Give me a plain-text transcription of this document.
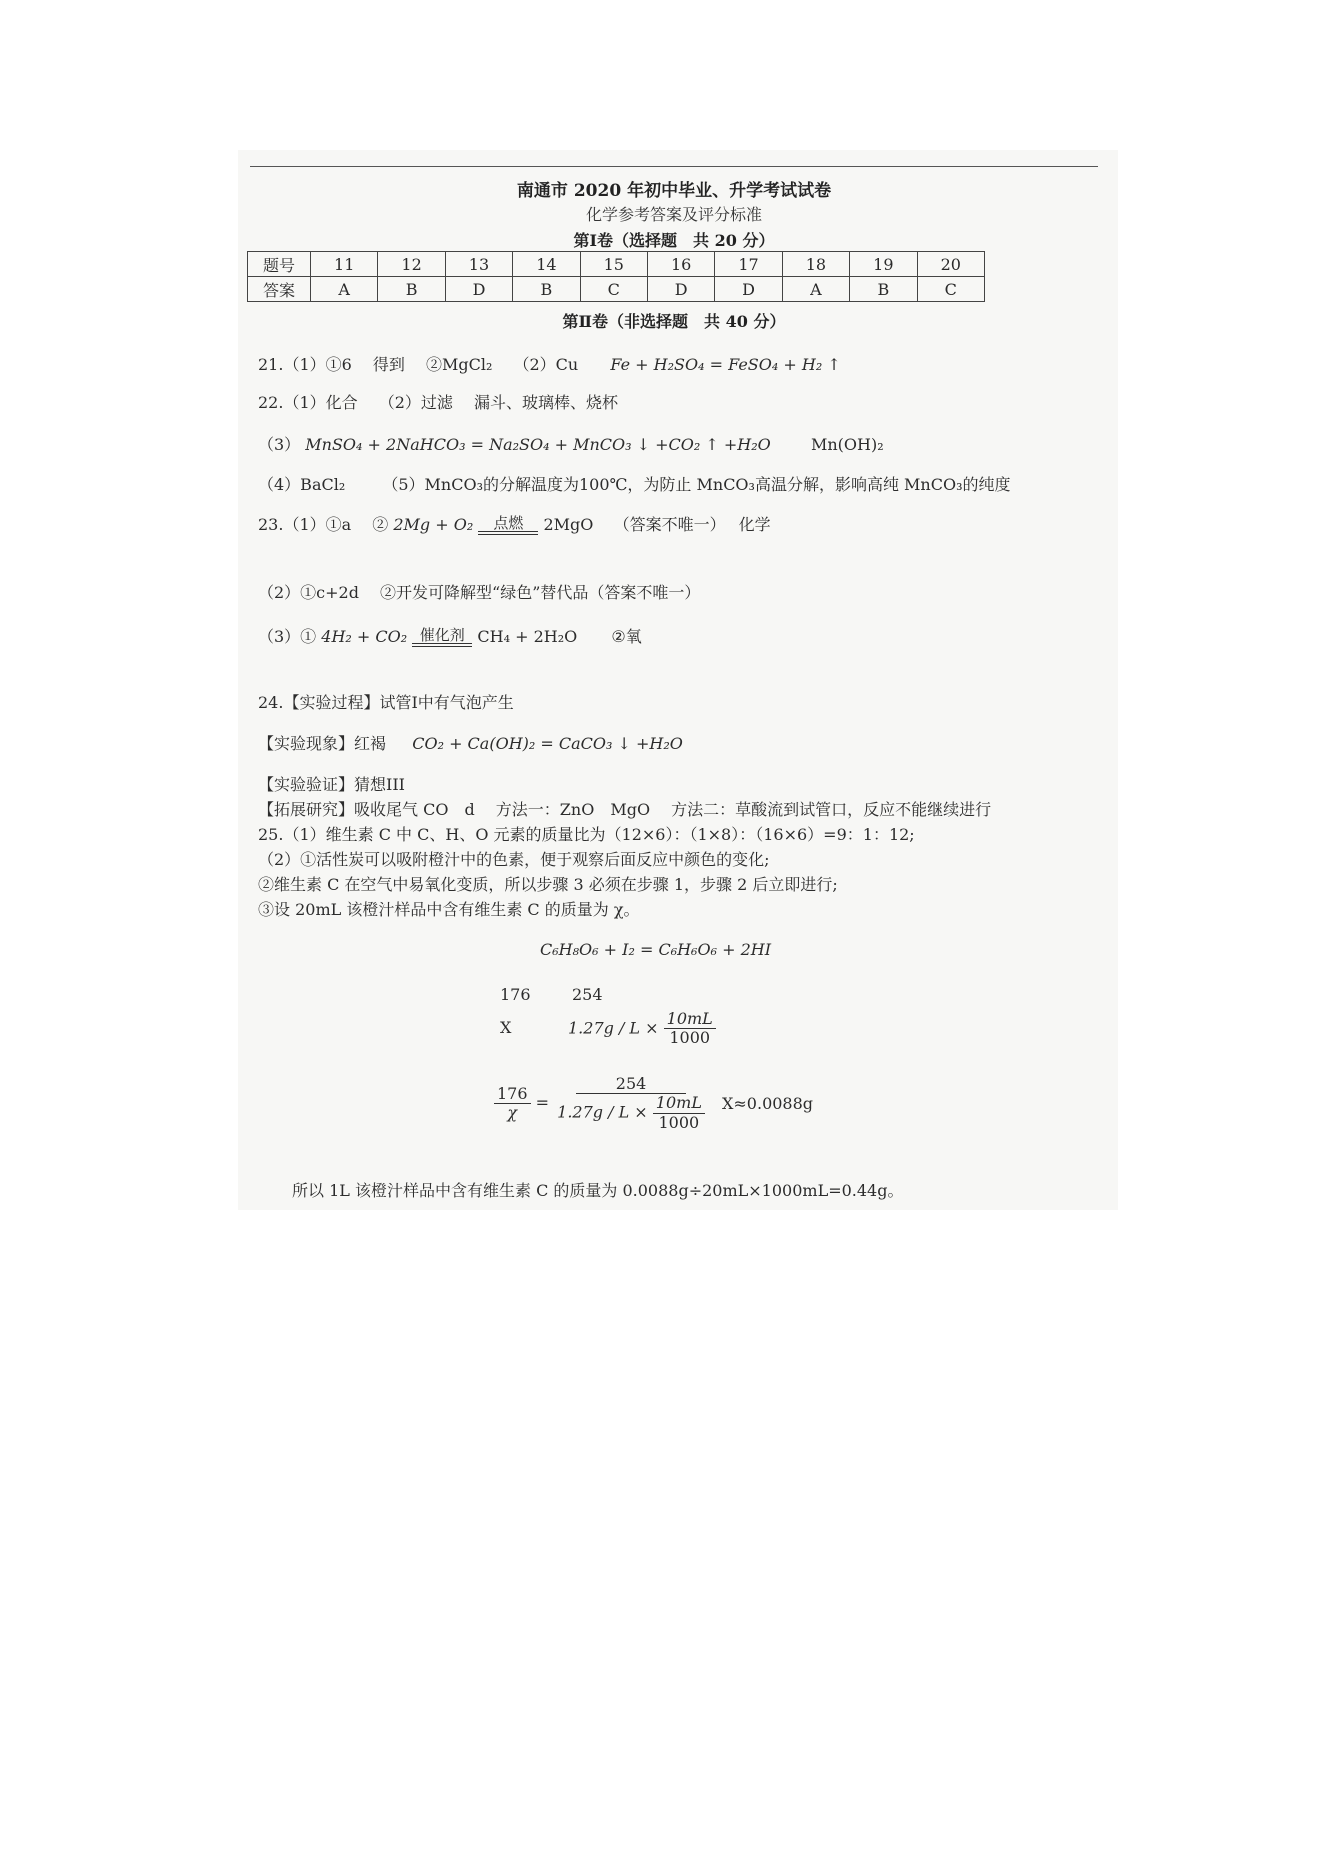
南通市 2020 年初中毕业、升学考试试卷
化学参考答案及评分标准
第Ⅰ卷（选择题　共 20 分）
题号	11	12	13	14	15	16	17	18	19	20
答案	A	B	D	B	C	D	D	A	B	C
第Ⅱ卷（非选择题　共 40 分）
21.（1）①6　 得到　 ②MgCl₂　 （2）Cu Fe + H₂SO₄ = FeSO₄ + H₂ ↑
22.（1）化合　 （2）过滤　 漏斗、玻璃棒、烧杯
（3） MnSO₄ + 2NaHCO₃ = Na₂SO₄ + MnCO₃ ↓ +CO₂ ↑ +H₂O	Mn(OH)₂
（4）BaCl₂　　 （5）MnCO₃的分解温度为100℃，为防止 MnCO₃高温分解，影响高纯 MnCO₃的纯度
23.（1）①a　 ② 2Mg + O₂ 点燃 2MgO （答案不唯一）　 化学
（2）①c+2d　 ②开发可降解型“绿色”替代品（答案不唯一）
（3）① 4H₂ + CO₂ 催化剂 CH₄ + 2H₂O ②氧
24.【实验过程】试管I中有气泡产生
【实验现象】红褐 CO₂ + Ca(OH)₂ = CaCO₃ ↓ +H₂O
【实验验证】猜想III
【拓展研究】吸收尾气 CO　d　 方法一：ZnO　MgO　 方法二：草酸流到试管口，反应不能继续进行
25.（1）维生素 C 中 C、H、O 元素的质量比为（12×6）：（1×8）：（16×6）=9：1：12;
（2）①活性炭可以吸附橙汁中的色素，便于观察后面反应中颜色的变化;
②维生素 C 在空气中易氧化变质，所以步骤 3 必须在步骤 1，步骤 2 后立即进行;
③设 20mL 该橙汁样品中含有维生素 C 的质量为 χ。
C₆H₈O₆ + I₂ = C₆H₆O₆ + 2HI
176	254
X	$1.27g / L \times \frac{10mL}{1000}$
$\frac{176}{\chi} = \frac{254}{1.27g / L \times \frac{10mL}{1000}} X\approx 0.0088g$
所以 1L 该橙汁样品中含有维生素 C 的质量为 0.0088g÷20mL×1000mL=0.44g。
